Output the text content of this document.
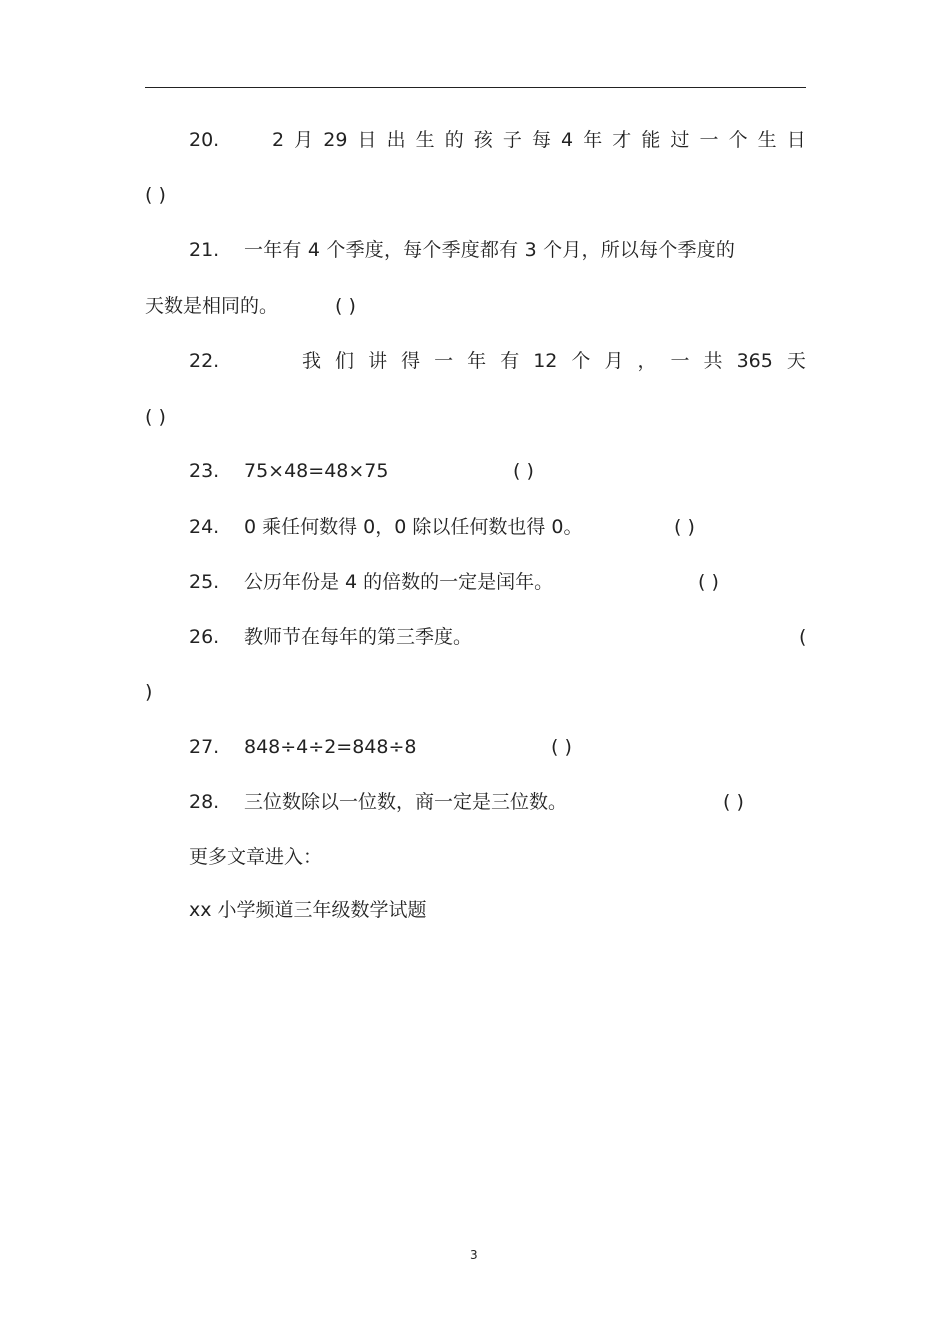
20.	2 月 29 日 出 生 的 孩 子 每 4 年 才 能 过 一 个 生 日
( )
21. 一年有 4 个季度，每个季度都有 3 个月，所以每个季度的
天数是相同的。	( )
22.	我 们 讲 得 一 年 有 12 个 月 ， 一 共 365 天
( )
23. 75×48=48×75	( )
24. 0 乘任何数得 0，0 除以任何数也得 0。	( )
25. 公历年份是 4 的倍数的一定是闰年。	( )
26. 教师节在每年的第三季度。	(
)
27. 848÷4÷2=848÷8	( )
28. 三位数除以一位数，商一定是三位数。	( )
更多文章进入：
xx 小学频道三年级数学试题
3
